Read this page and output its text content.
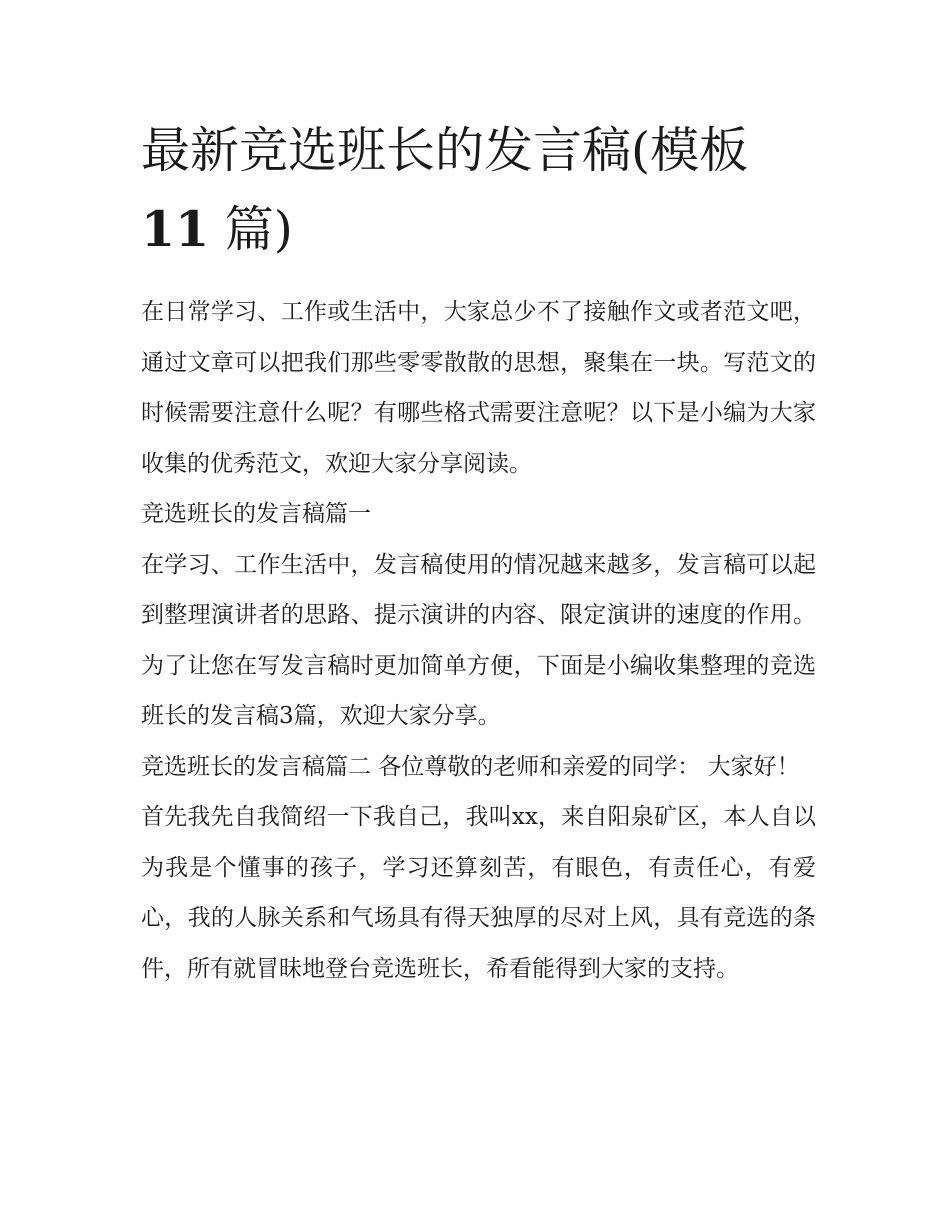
最新竞选班长的发言稿(模板
11 篇)

在日常学习、工作或生活中，大家总少不了接触作文或者范文吧，通过文章可以把我们那些零零散散的思想，聚集在一块。写范文的时候需要注意什么呢？有哪些格式需要注意呢？以下是小编为大家收集的优秀范文，欢迎大家分享阅读。

竞选班长的发言稿篇一

在学习、工作生活中，发言稿使用的情况越来越多，发言稿可以起到整理演讲者的思路、提示演讲的内容、限定演讲的速度的作用。为了让您在写发言稿时更加简单方便，下面是小编收集整理的竞选班长的发言稿3篇，欢迎大家分享。

竞选班长的发言稿篇二 各位尊敬的老师和亲爱的同学： 大家好！

首先我先自我简绍一下我自己，我叫xx，来自阳泉矿区，本人自以为我是个懂事的孩子，学习还算刻苦，有眼色，有责任心，有爱心，我的人脉关系和气场具有得天独厚的尽对上风，具有竞选的条件，所有就冒昧地登台竞选班长，希看能得到大家的支持。
